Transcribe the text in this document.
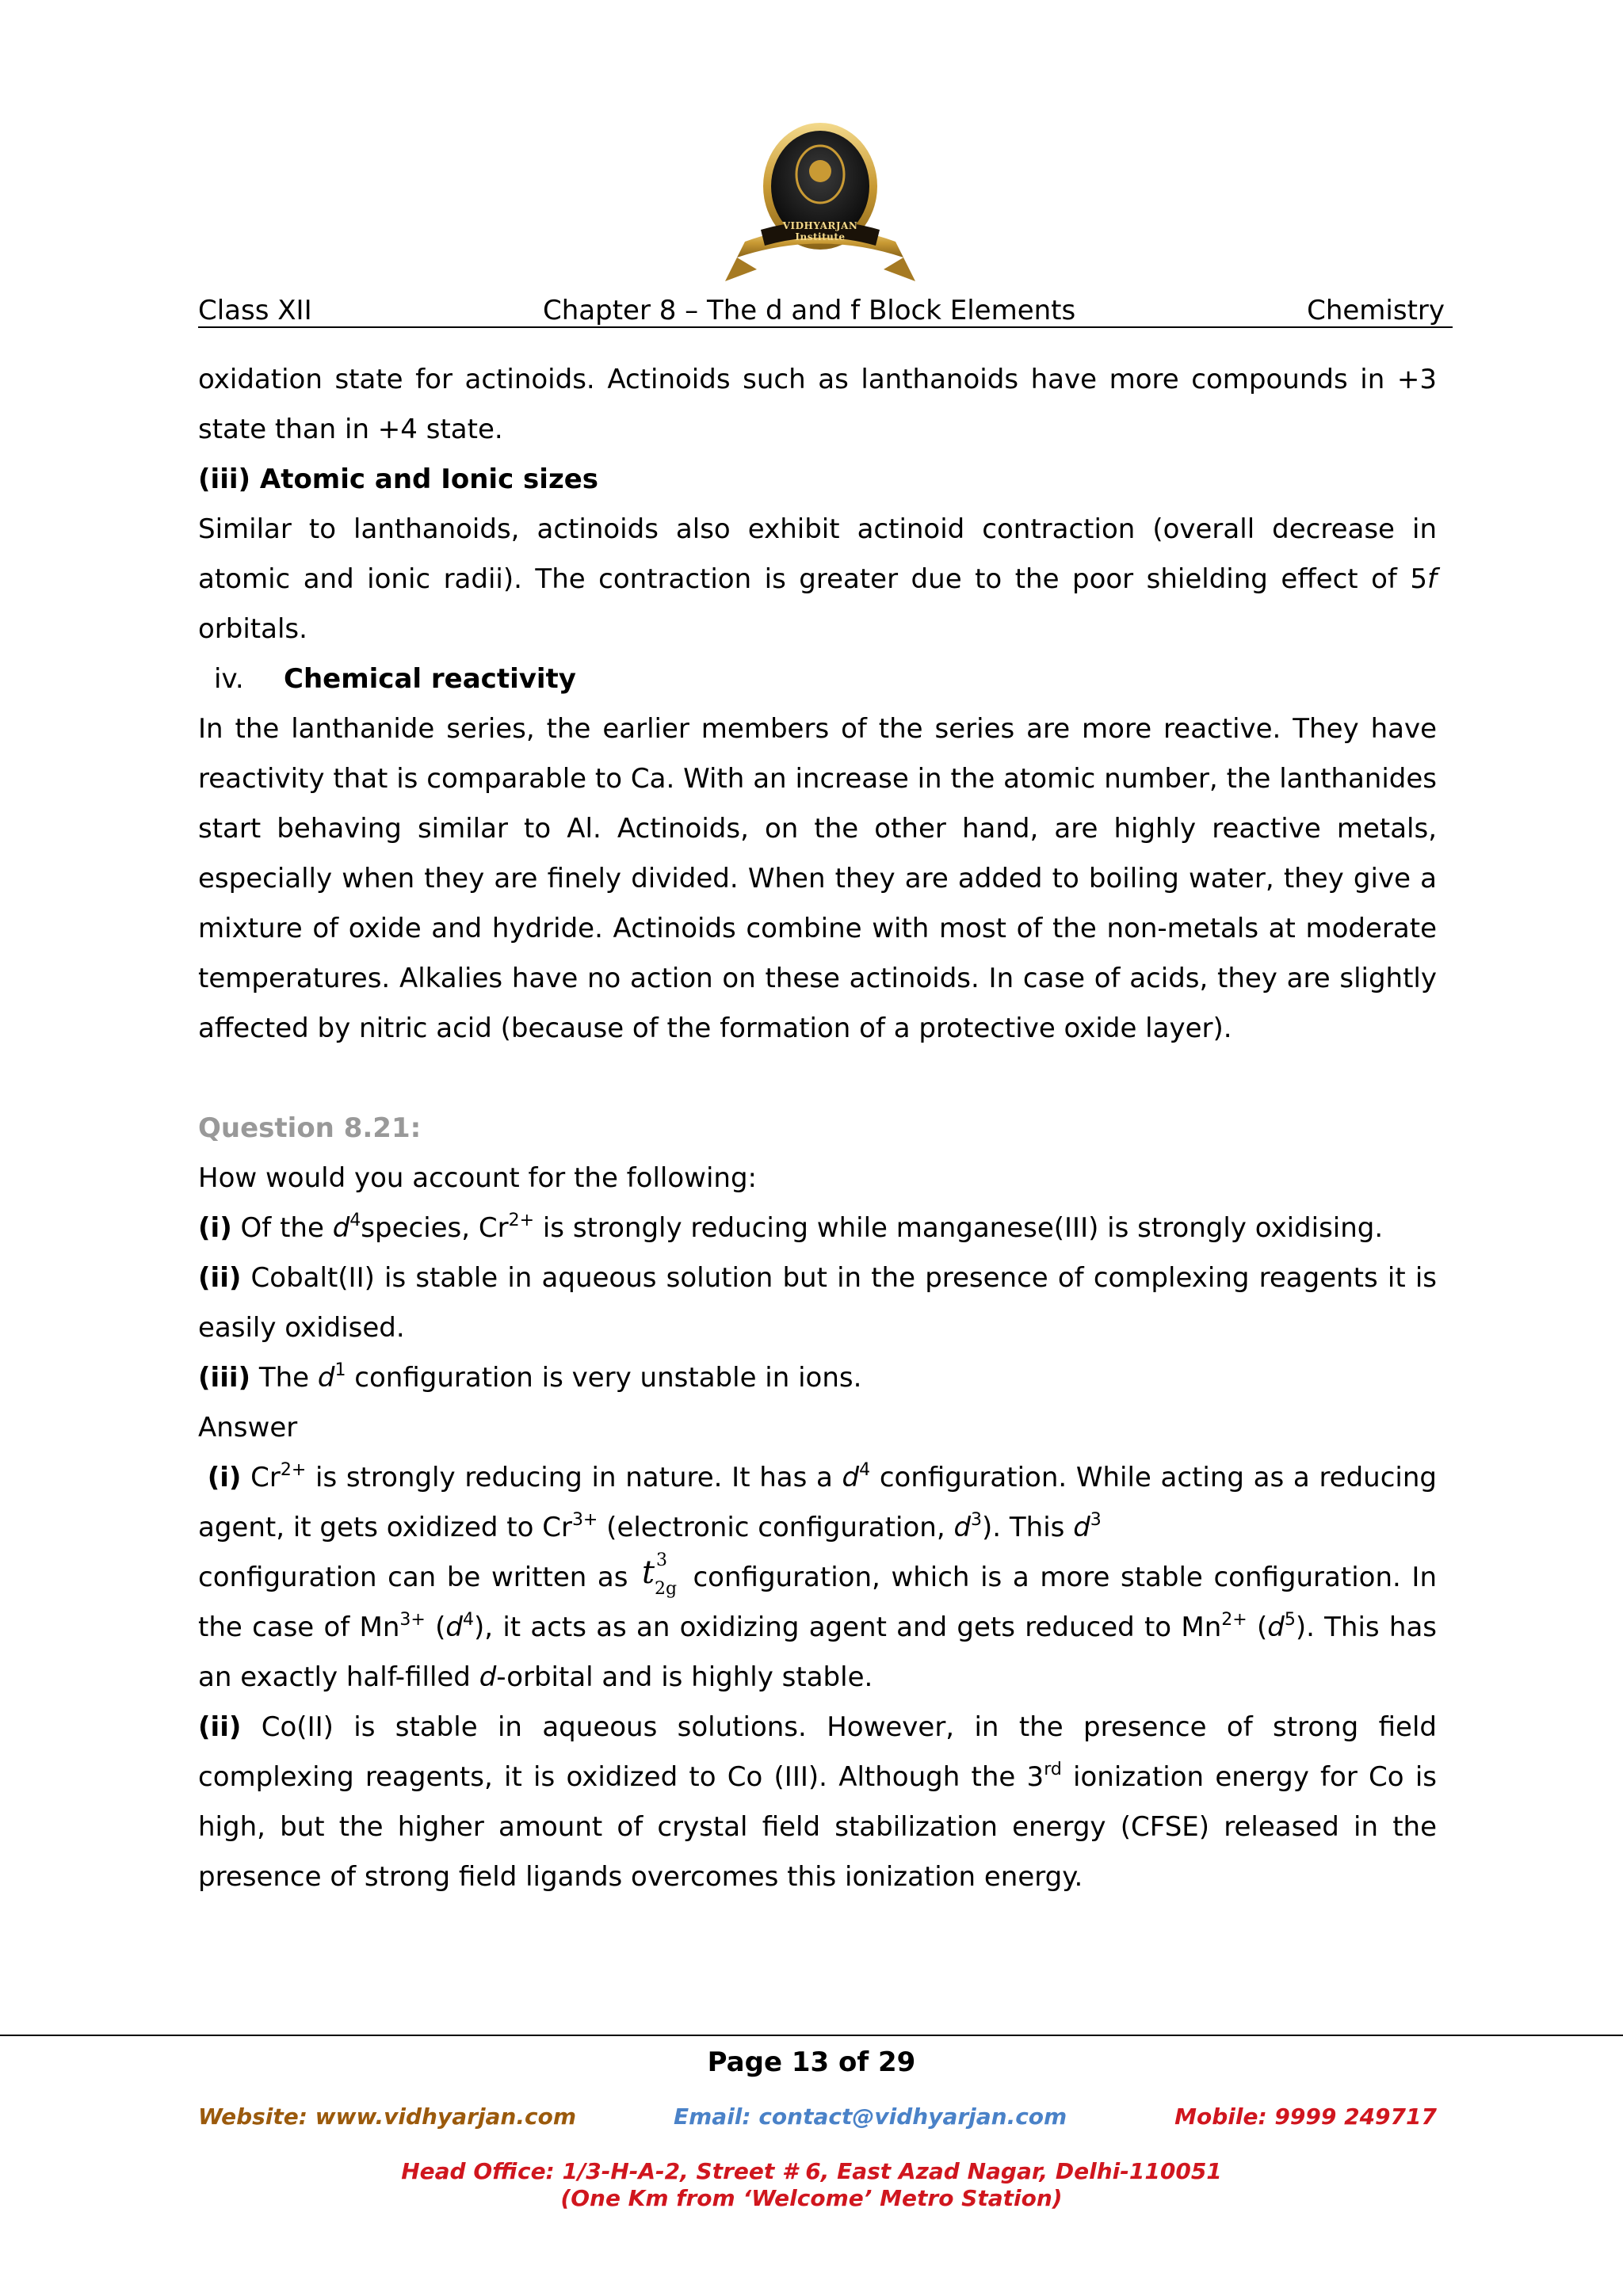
VIDHYARJAN Institute
Class XII	Chapter 8 – The d and f Block Elements	Chemistry

oxidation state for actinoids. Actinoids such as lanthanoids have more compounds in +3 state than in +4 state.

(iii) Atomic and Ionic sizes

Similar to lanthanoids, actinoids also exhibit actinoid contraction (overall decrease in atomic and ionic radii). The contraction is greater due to the poor shielding effect of 5f orbitals.

iv. Chemical reactivity

In the lanthanide series, the earlier members of the series are more reactive. They have reactivity that is comparable to Ca. With an increase in the atomic number, the lanthanides start behaving similar to Al. Actinoids, on the other hand, are highly reactive metals, especially when they are finely divided. When they are added to boiling water, they give a mixture of oxide and hydride. Actinoids combine with most of the non-metals at moderate temperatures. Alkalies have no action on these actinoids. In case of acids, they are slightly affected by nitric acid (because of the formation of a protective oxide layer).

Question 8.21:

How would you account for the following:

(i) Of the $d^4species$, $Cr^{2+}$ is strongly reducing while manganese(III) is strongly oxidising.

(ii) Cobalt(II) is stable in aqueous solution but in the presence of complexing reagents it is easily oxidised.

(iii) The $d^1$ configuration is very unstable in ions.

Answer

(i) $Cr^{2+}$ is strongly reducing in nature. It has a $d^4$ configuration. While acting as a reducing agent, it gets oxidized to $Cr^{3+}$ (electronic configuration, $d^3$). This $d^3$
configuration can be written as t 3
2g configuration, which is a more stable configuration. In the case of $Mn^{3+}$ $(d^4)$, it acts as an oxidizing agent and gets reduced to $Mn^{2+}$ $(d^5)$. This has an exactly half-filled d-orbital and is highly stable.

(ii) Co(II) is stable in aqueous solutions. However, in the presence of strong field complexing reagents, it is oxidized to Co (III). Although the 3rd ionization energy for Co is high, but the higher amount of crystal field stabilization energy (CFSE) released in the presence of strong field ligands overcomes this ionization energy.

Page 13 of 29
Website: www.vidhyarjan.com	Email: contact@vidhyarjan.com	Mobile: 9999 249717
Head Office: 1/3-H-A-2, Street # 6, East Azad Nagar, Delhi-110051
(One Km from ‘Welcome’ Metro Station)
